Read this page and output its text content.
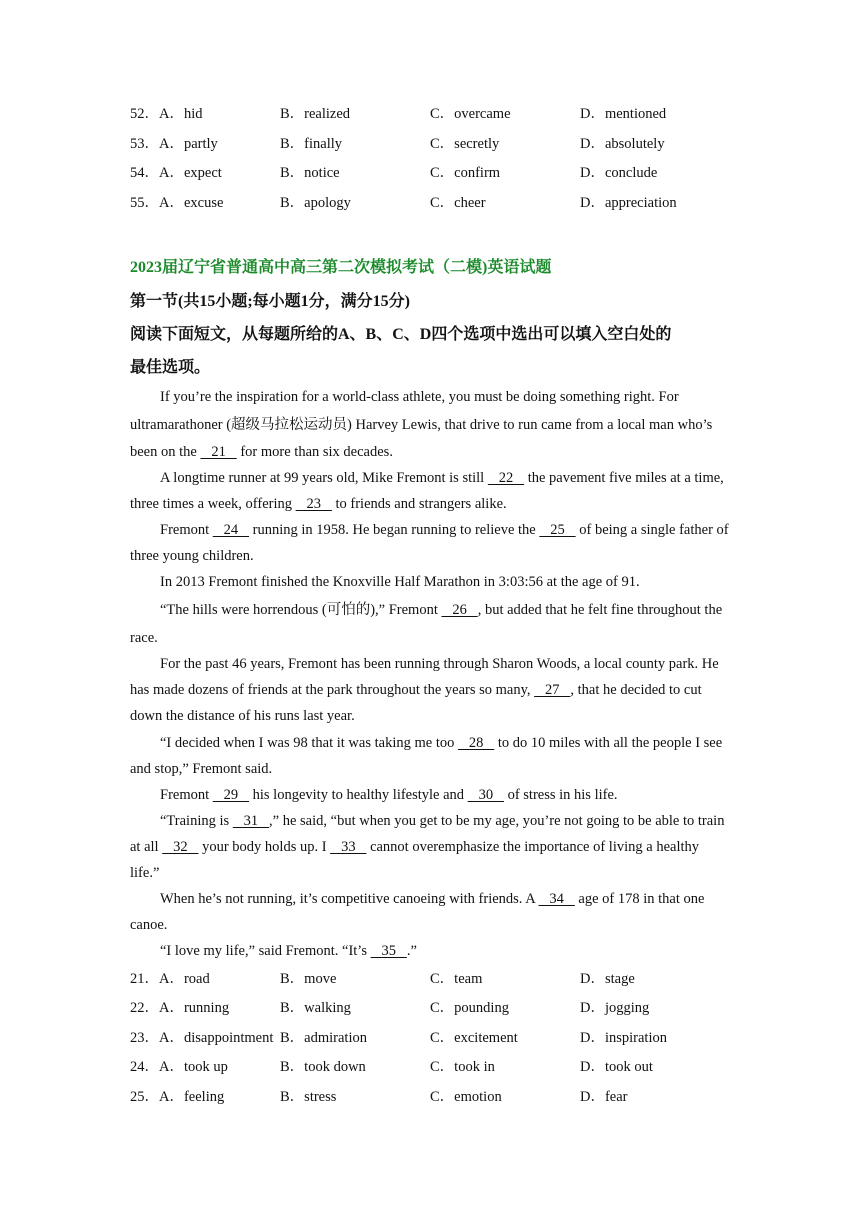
52．A．hid	B．realized	C．overcame	D．mentioned
53．A．partly	B．finally	C．secretly	D．absolutely
54．A．expect	B．notice	C．confirm	D．conclude
55．A．excuse	B．apology	C．cheer	D．appreciation
2023届辽宁省普通高中高三第二次模拟考试（二模)英语试题
第一节(共15小题;每小题1分，满分15分)
阅读下面短文，从每题所给的A、B、C、D四个选项中选出可以填入空白处的
最佳选项。
If you’re the inspiration for a world-class athlete, you must be doing something right. For ultramarathoner (超级马拉松运动员) Harvey Lewis, that drive to run came from a local man who’s been on the    21    for more than six decades.
A longtime runner at 99 years old, Mike Fremont is still    22    the pavement five miles at a time, three times a week, offering    23    to friends and strangers alike.
Fremont    24    running in 1958. He began running to relieve the    25    of being a single father of three young children.
In 2013 Fremont finished the Knoxville Half Marathon in 3:03:56 at the age of 91.
“The hills were horrendous (可怕的),” Fremont    26   , but added that he felt fine throughout the race.
For the past 46 years, Fremont has been running through Sharon Woods, a local county park. He has made dozens of friends at the park throughout the years so many,    27   , that he decided to cut down the distance of his runs last year.
“I decided when I was 98 that it was taking me too    28    to do 10 miles with all the people I see and stop,” Fremont said.
Fremont    29    his longevity to healthy lifestyle and    30    of stress in his life.
“Training is    31   ,” he said, “but when you get to be my age, you’re not going to be able to train at all    32    your body holds up. I    33    cannot overemphasize the importance of living a healthy life.”
When he’s not running, it’s competitive canoeing with friends. A    34    age of 178 in that one canoe.
“I love my life,” said Fremont. “It’s    35   .”
21．A．road	B．move	C．team	D．stage
22．A．running	B．walking	C．pounding	D．jogging
23．A．disappointment B．admiration	C．excitement	D．inspiration
24．A．took up	B．took down	C．took in	D．took out
25．A．feeling	B．stress	C．emotion	D．fear
